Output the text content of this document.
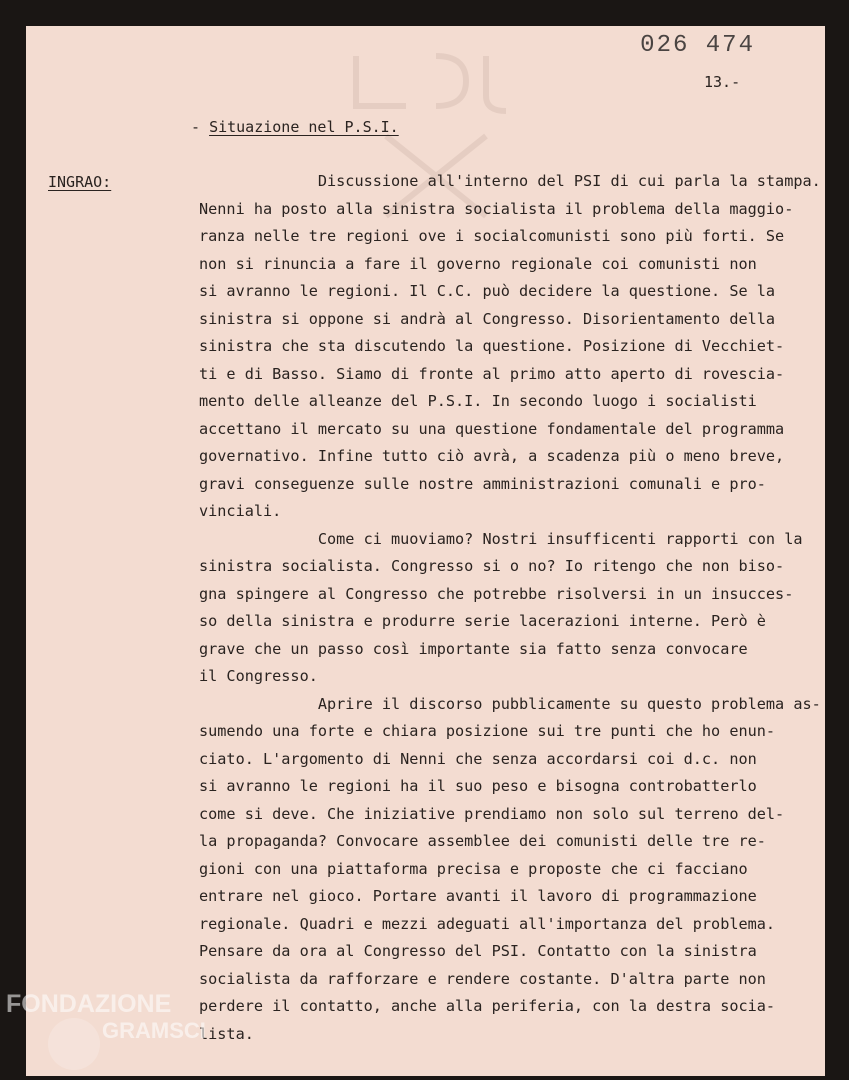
026 474
13.-
- Situazione nel P.S.I.
INGRAO:	Discussione all'interno del PSI di cui parla la stampa.
Nenni ha posto alla sinistra socialista il problema della maggio-
ranza nelle tre regioni ove i socialcomunisti sono più forti. Se
non si rinuncia a fare il governo regionale coi comunisti non
si avranno le regioni. Il C.C. può decidere la questione. Se la
sinistra si oppone si andrà al Congresso. Disorientamento della
sinistra che sta discutendo la questione. Posizione di Vecchiet-
ti e di Basso. Siamo di fronte al primo atto aperto di rovescia-
mento delle alleanze del P.S.I. In secondo luogo i socialisti
accettano il mercato su una questione fondamentale del programma
governativo. Infine tutto ciò avrà, a scadenza più o meno breve,
gravi conseguenze sulle nostre amministrazioni comunali e pro-
vinciali.
Come ci muoviamo? Nostri insufficenti rapporti con la
sinistra socialista. Congresso si o no? Io ritengo che non biso-
gna spingere al Congresso che potrebbe risolversi in un insucces-
so della sinistra e produrre serie lacerazioni interne. Però è
grave che un passo così importante sia fatto senza convocare
il Congresso.
Aprire il discorso pubblicamente su questo problema as-
sumendo una forte e chiara posizione sui tre punti che ho enun-
ciato. L'argomento di Nenni che senza accordarsi coi d.c. non
si avranno le regioni ha il suo peso e bisogna controbatterlo
come si deve. Che iniziative prendiamo non solo sul terreno del-
la propaganda? Convocare assemblee dei comunisti delle tre re-
gioni con una piattaforma precisa e proposte che ci facciano
entrare nel gioco. Portare avanti il lavoro di programmazione
regionale. Quadri e mezzi adeguati all'importanza del problema.
Pensare da ora al Congresso del PSI. Contatto con la sinistra
socialista da rafforzare e rendere costante. D'altra parte non
perdere il contatto, anche alla periferia, con la destra socia-
lista.
FONDAZIONE
GRAMSCI
